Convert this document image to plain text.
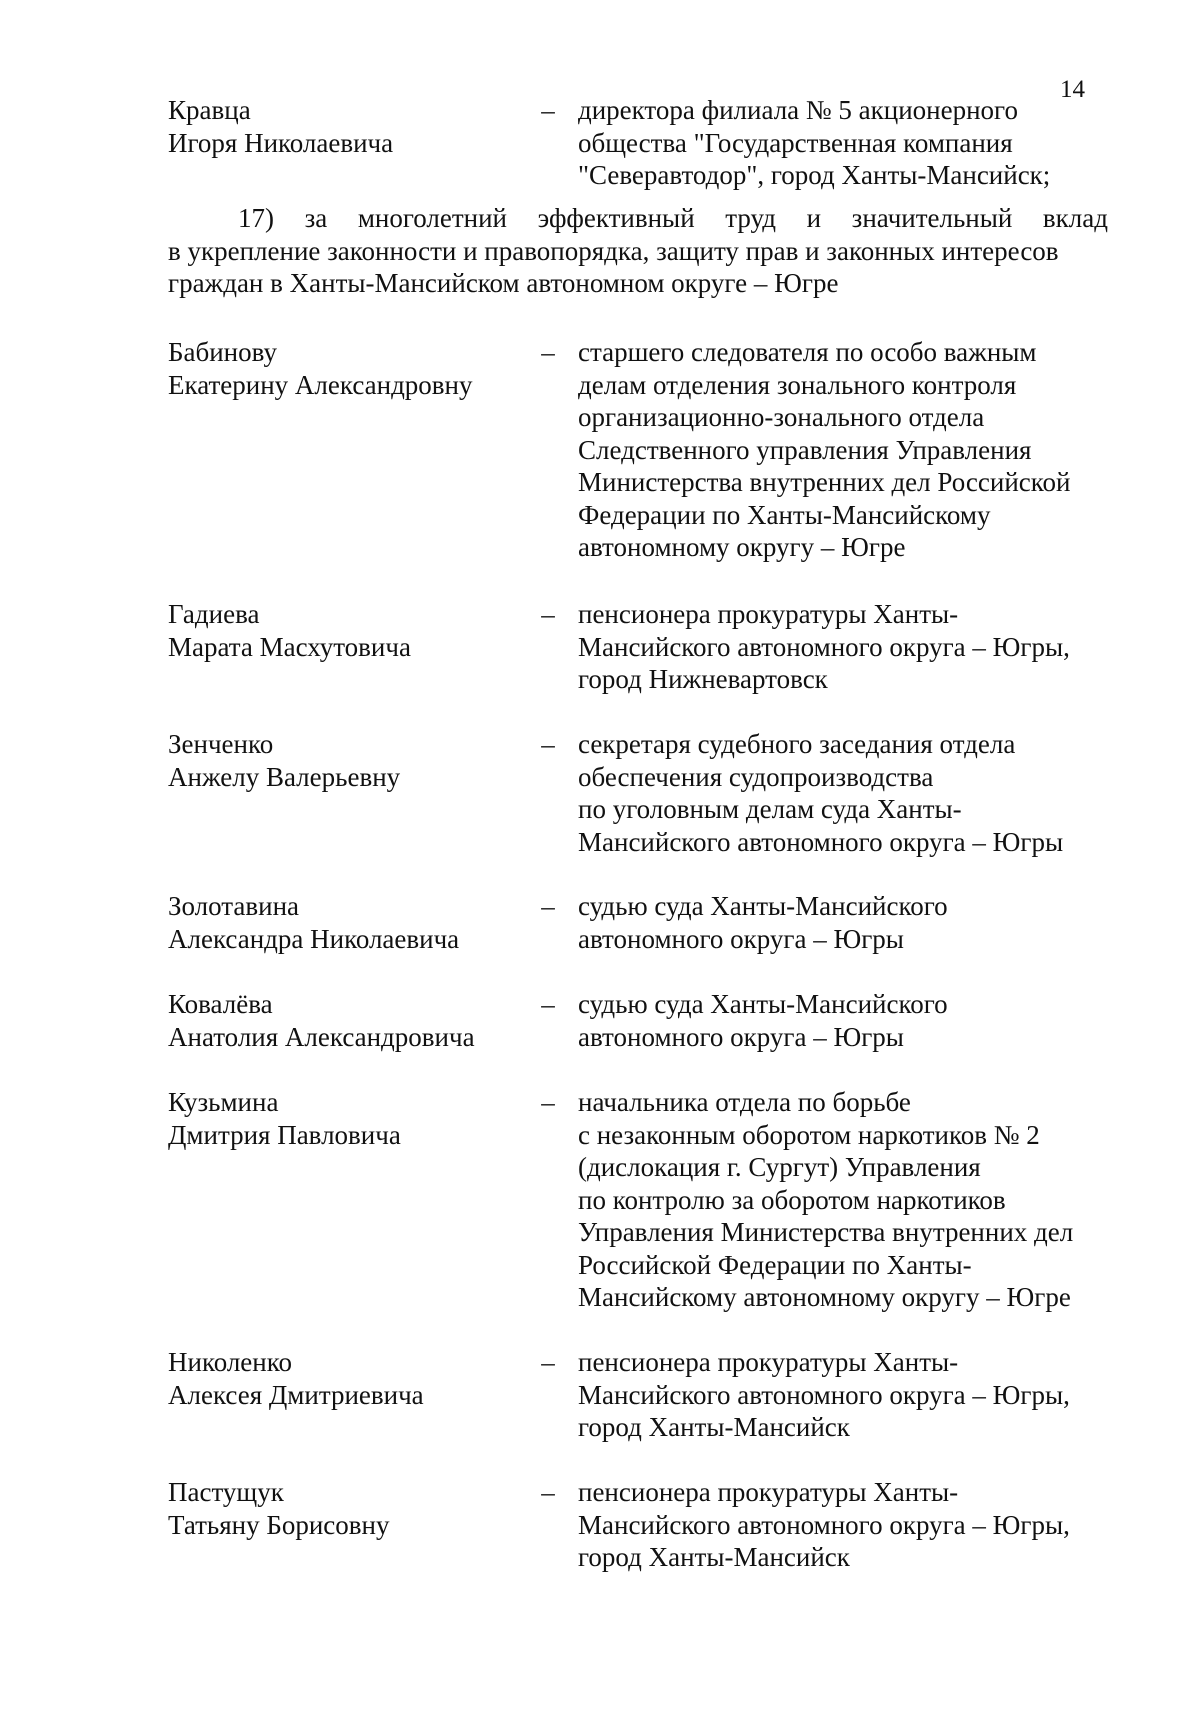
14
Кравца
Игоря Николаевича
– директора филиала № 5 акционерного
общества "Государственная компания
"Северавтодор", город Ханты-Мансийск;
17) за многолетний эффективный труд и значительный вклад
в укрепление законности и правопорядка, защиту прав и законных интересов
граждан в Ханты-Мансийском автономном округе – Югре
Бабинову
Екатерину Александровну
– старшего следователя по особо важным
делам отделения зонального контроля
организационно-зонального отдела
Следственного управления Управления
Министерства внутренних дел Российской
Федерации по Ханты-Мансийскому
автономному округу – Югре
Гадиева
Марата Масхутовича
– пенсионера прокуратуры Ханты-
Мансийского автономного округа – Югры,
город Нижневартовск
Зенченко
Анжелу Валерьевну
– секретаря судебного заседания отдела
обеспечения судопроизводства
по уголовным делам суда Ханты-
Мансийского автономного округа – Югры
Золотавина
Александра Николаевича
– судью суда Ханты-Мансийского
автономного округа – Югры
Ковалёва
Анатолия Александровича
– судью суда Ханты-Мансийского
автономного округа – Югры
Кузьмина
Дмитрия Павловича
– начальника отдела по борьбе
с незаконным оборотом наркотиков № 2
(дислокация г. Сургут) Управления
по контролю за оборотом наркотиков
Управления Министерства внутренних дел
Российской Федерации по Ханты-
Мансийскому автономному округу – Югре
Николенко
Алексея Дмитриевича
– пенсионера прокуратуры Ханты-
Мансийского автономного округа – Югры,
город Ханты-Мансийск
Пастущук
Татьяну Борисовну
– пенсионера прокуратуры Ханты-
Мансийского автономного округа – Югры,
город Ханты-Мансийск
